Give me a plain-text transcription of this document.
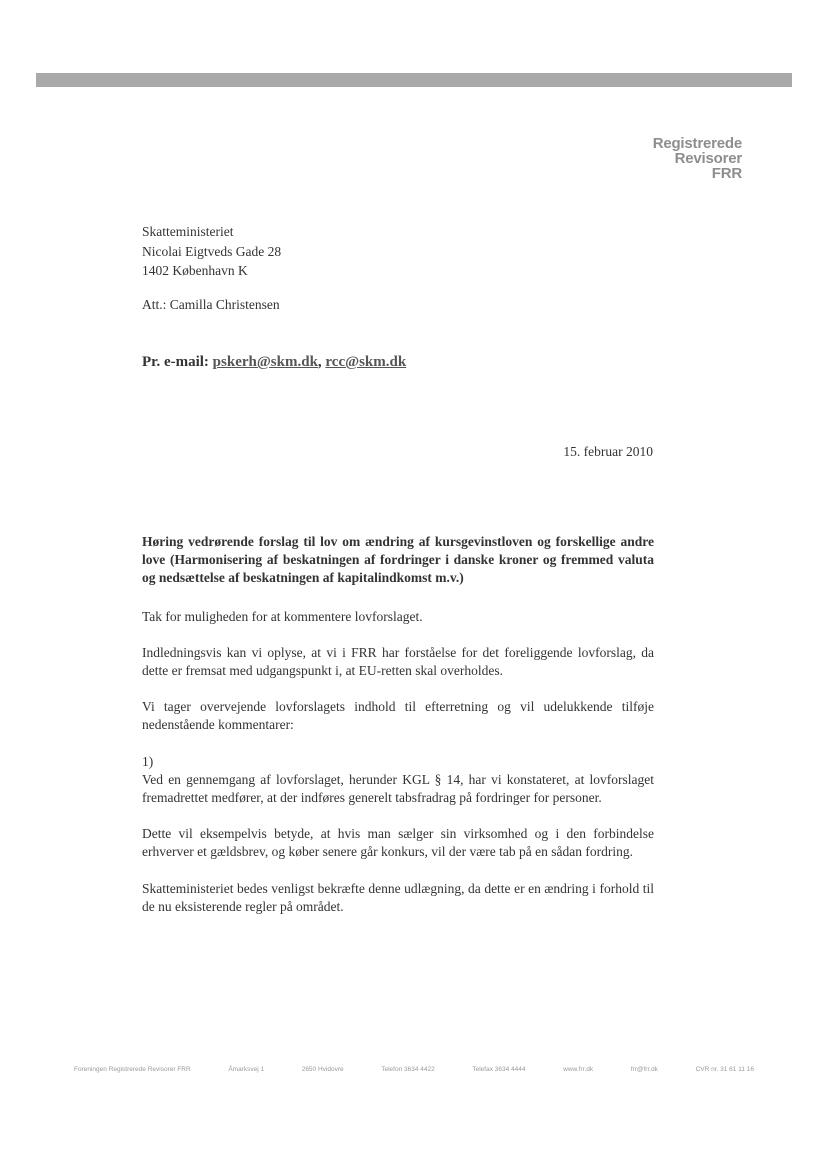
Registrerede
Revisorer
FRR
Skatteministeriet
Nicolai Eigtveds Gade 28
1402 København K
Att.: Camilla Christensen
Pr. e-mail: pskerh@skm.dk, rcc@skm.dk
15. februar 2010

Høring vedrørende forslag til lov om ændring af kursgevinstloven og forskellige andre love (Harmonisering af beskatningen af fordringer i danske kroner og fremmed valuta og nedsættelse af beskatningen af kapitalindkomst m.v.)

Tak for muligheden for at kommentere lovforslaget.

Indledningsvis kan vi oplyse, at vi i FRR har forståelse for det foreliggende lovforslag, da dette er fremsat med udgangspunkt i, at EU-retten skal overholdes.

Vi tager overvejende lovforslagets indhold til efterretning og vil udelukkende tilføje nedenstående kommentarer:

1)

Ved en gennemgang af lovforslaget, herunder KGL § 14, har vi konstateret, at lovforslaget fremadrettet medfører, at der indføres generelt tabsfradrag på fordringer for personer.

Dette vil eksempelvis betyde, at hvis man sælger sin virksomhed og i den forbindelse erhverver et gældsbrev, og køber senere går konkurs, vil der være tab på en sådan fordring.

Skatteministeriet bedes venligst bekræfte denne udlægning, da dette er en ændring i forhold til de nu eksisterende regler på området.

Foreningen Registrerede Revisorer FRR	Åmarksvej 1	2650 Hvidovre	Telefon 3634 4422	Telefax 3634 4444	www.frr.dk	frr@frr.dk	CVR nr. 31 61 11 16
